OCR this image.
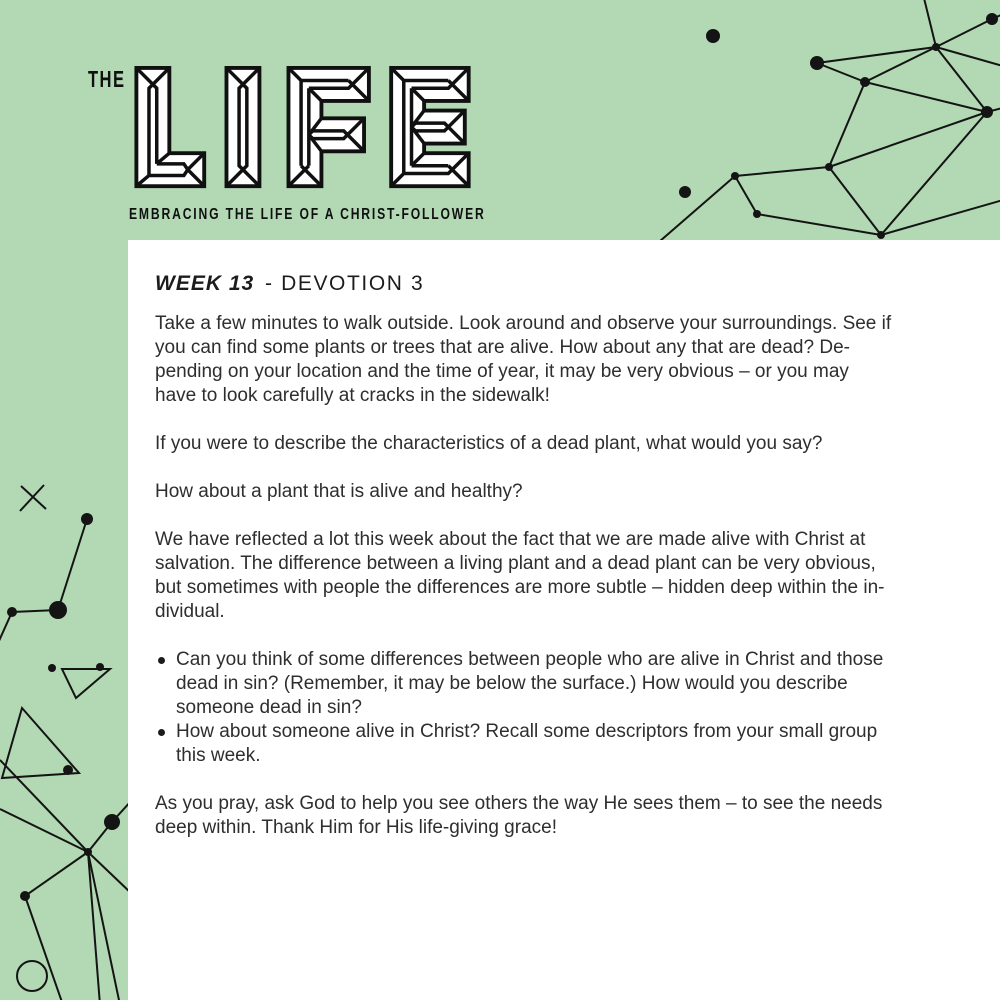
THE
EMBRACING THE LIFE OF A CHRIST-FOLLOWER
WEEK 13 - DEVOTION 3
Take a few minutes to walk outside. Look around and observe your surroundings. See if
you can find some plants or trees that are alive. How about any that are dead? De-
pending on your location and the time of year, it may be very obvious – or you may
have to look carefully at cracks in the sidewalk!
If you were to describe the characteristics of a dead plant, what would you say?
How about a plant that is alive and healthy?
We have reflected a lot this week about the fact that we are made alive with Christ at
salvation. The difference between a living plant and a dead plant can be very obvious,
but sometimes with people the differences are more subtle – hidden deep within the in-
dividual.
Can you think of some differences between people who are alive in Christ and those
dead in sin? (Remember, it may be below the surface.) How would you describe
someone dead in sin?
How about someone alive in Christ? Recall some descriptors from your small group
this week.
As you pray, ask God to help you see others the way He sees them – to see the needs
deep within. Thank Him for His life-giving grace!
